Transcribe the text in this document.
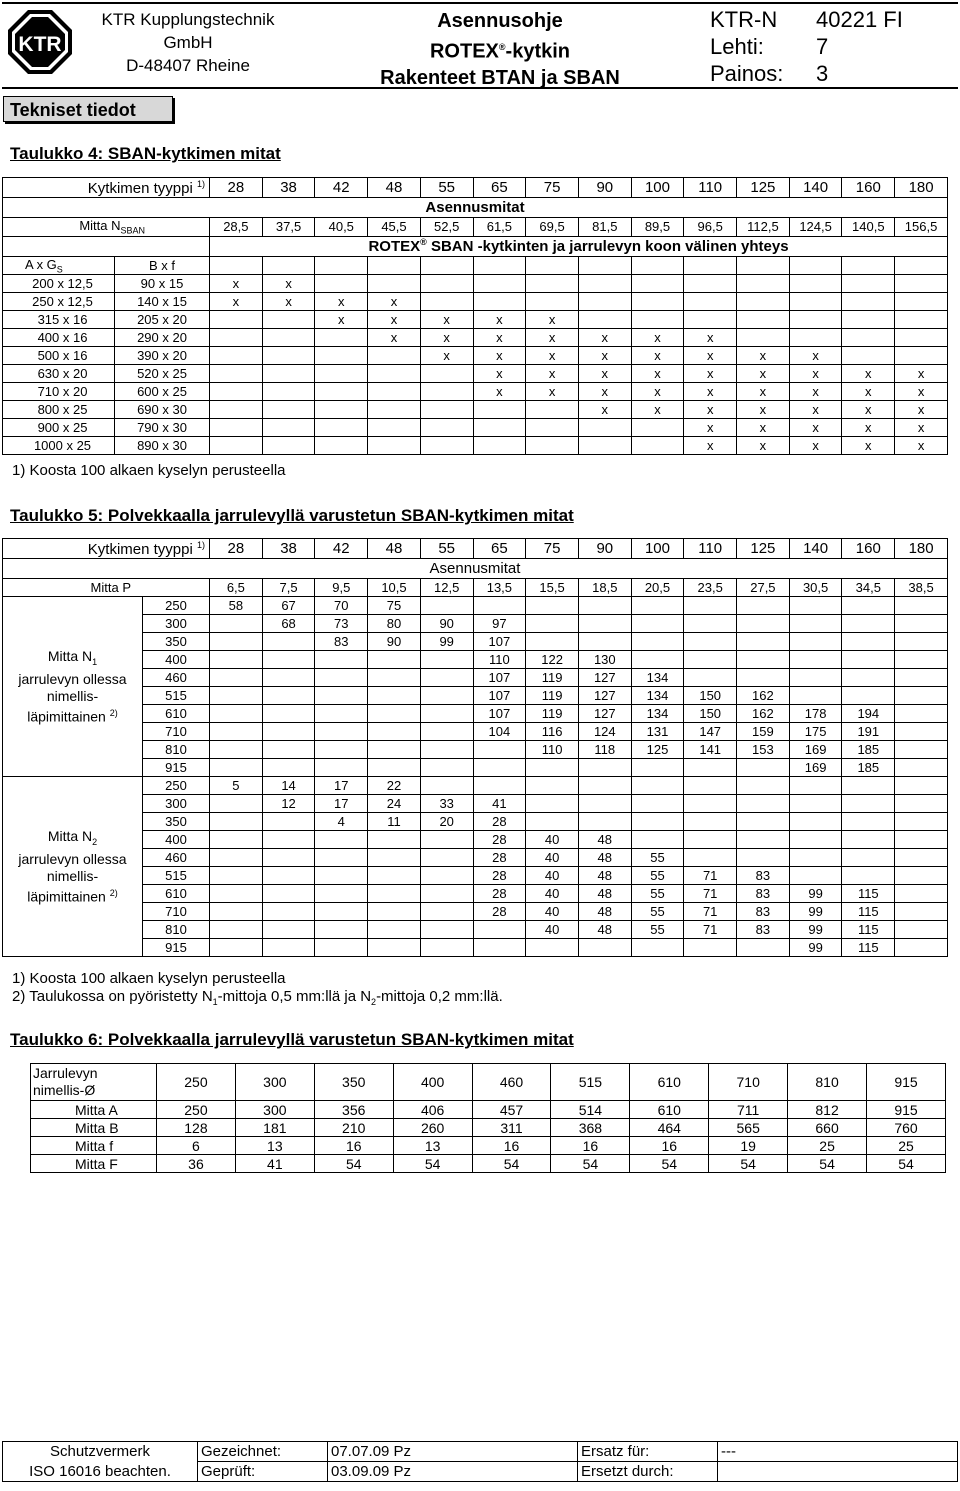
KTR
KTR Kupplungstechnik
GmbH
D-48407 Rheine
Asennusohje
ROTEX®-kytkin
Rakenteet BTAN ja SBAN
KTR-N	40221 FI
Lehti:	7
Painos:	3
Tekniset tiedot
Taulukko 4: SBAN-kytkimen mitat
Kytkimen tyyppi $^{1)}$		28	38	42	48	55	65	75	90	100	110	125	140	160	180
Asennusmitat															
Mitta $N_{SBAN}$		28,5	37,5	40,5	45,5	52,5	61,5	69,5	81,5	89,5	96,5	112,5	124,5	140,5	156,5
		ROTEX® SBAN -kytkinten ja jarrulevyn koon välinen yhteys													
A x $G_S$	B x f														
200 x 12,5	90 x 15	x	x												
250 x 12,5	140 x 15	x	x	x	x										
315 x 16	205 x 20			x	x	x	x	x							
400 x 16	290 x 20				x	x	x	x	x	x	x				
500 x 16	390 x 20					x	x	x	x	x	x	x	x		
630 x 20	520 x 25						x	x	x	x	x	x	x	x	x
710 x 20	600 x 25						x	x	x	x	x	x	x	x	x
800 x 25	690 x 30								x	x	x	x	x	x	x
900 x 25	790 x 30										x	x	x	x	x
1000 x 25	890 x 30										x	x	x	x	x
1) Koosta 100 alkaen kyselyn perusteella
Taulukko 5: Polvekkaalla jarrulevyllä varustetun SBAN-kytkimen mitat
Kytkimen tyyppi $^{1)}$		28	38	42	48	55	65	75	90	100	110	125	140	160	180
Asennusmitat															
Mitta P		6,5	7,5	9,5	10,5	12,5	13,5	15,5	18,5	20,5	23,5	27,5	30,5	34,5	38,5
Mitta $N_1$
jarrulevyn ollessa
nimellis-
läpimittainen $^{2)}$	250	58	67	70	75										
	300		68	73	80	90	97								
	350			83	90	99	107								
	400						110	122	130						
	460						107	119	127	134					
	515						107	119	127	134	150	162			
	610						107	119	127	134	150	162	178	194	
	710						104	116	124	131	147	159	175	191	
	810							110	118	125	141	153	169	185	
	915												169	185	
Mitta $N_2$
jarrulevyn ollessa
nimellis-
läpimittainen $^{2)}$	250	5	14	17	22										
	300		12	17	24	33	41								
	350			4	11	20	28								
	400						28	40	48						
	460						28	40	48	55					
	515						28	40	48	55	71	83			
	610						28	40	48	55	71	83	99	115	
	710						28	40	48	55	71	83	99	115	
	810							40	48	55	71	83	99	115	
	915												99	115	
1) Koosta 100 alkaen kyselyn perusteella
2) Taulukossa on pyöristetty $N_1$-mittoja 0,5 mm:llä ja $N_2$-mittoja 0,2 mm:llä.
Taulukko 6: Polvekkaalla jarrulevyllä varustetun SBAN-kytkimen mitat
Jarrulevyn
nimellis-Ø	250	300	350	400	460	515	610	710	810	915
Mitta A	250	300	356	406	457	514	610	711	812	915
Mitta B	128	181	210	260	311	368	464	565	660	760
Mitta f	6	13	16	13	16	16	16	19	25	25
Mitta F	36	41	54	54	54	54	54	54	54	54
Schutzvermerk	Gezeichnet:	07.07.09 Pz	Ersatz für:	---
ISO 16016 beachten.	Geprüft:	03.09.09 Pz	Ersetzt durch:	
